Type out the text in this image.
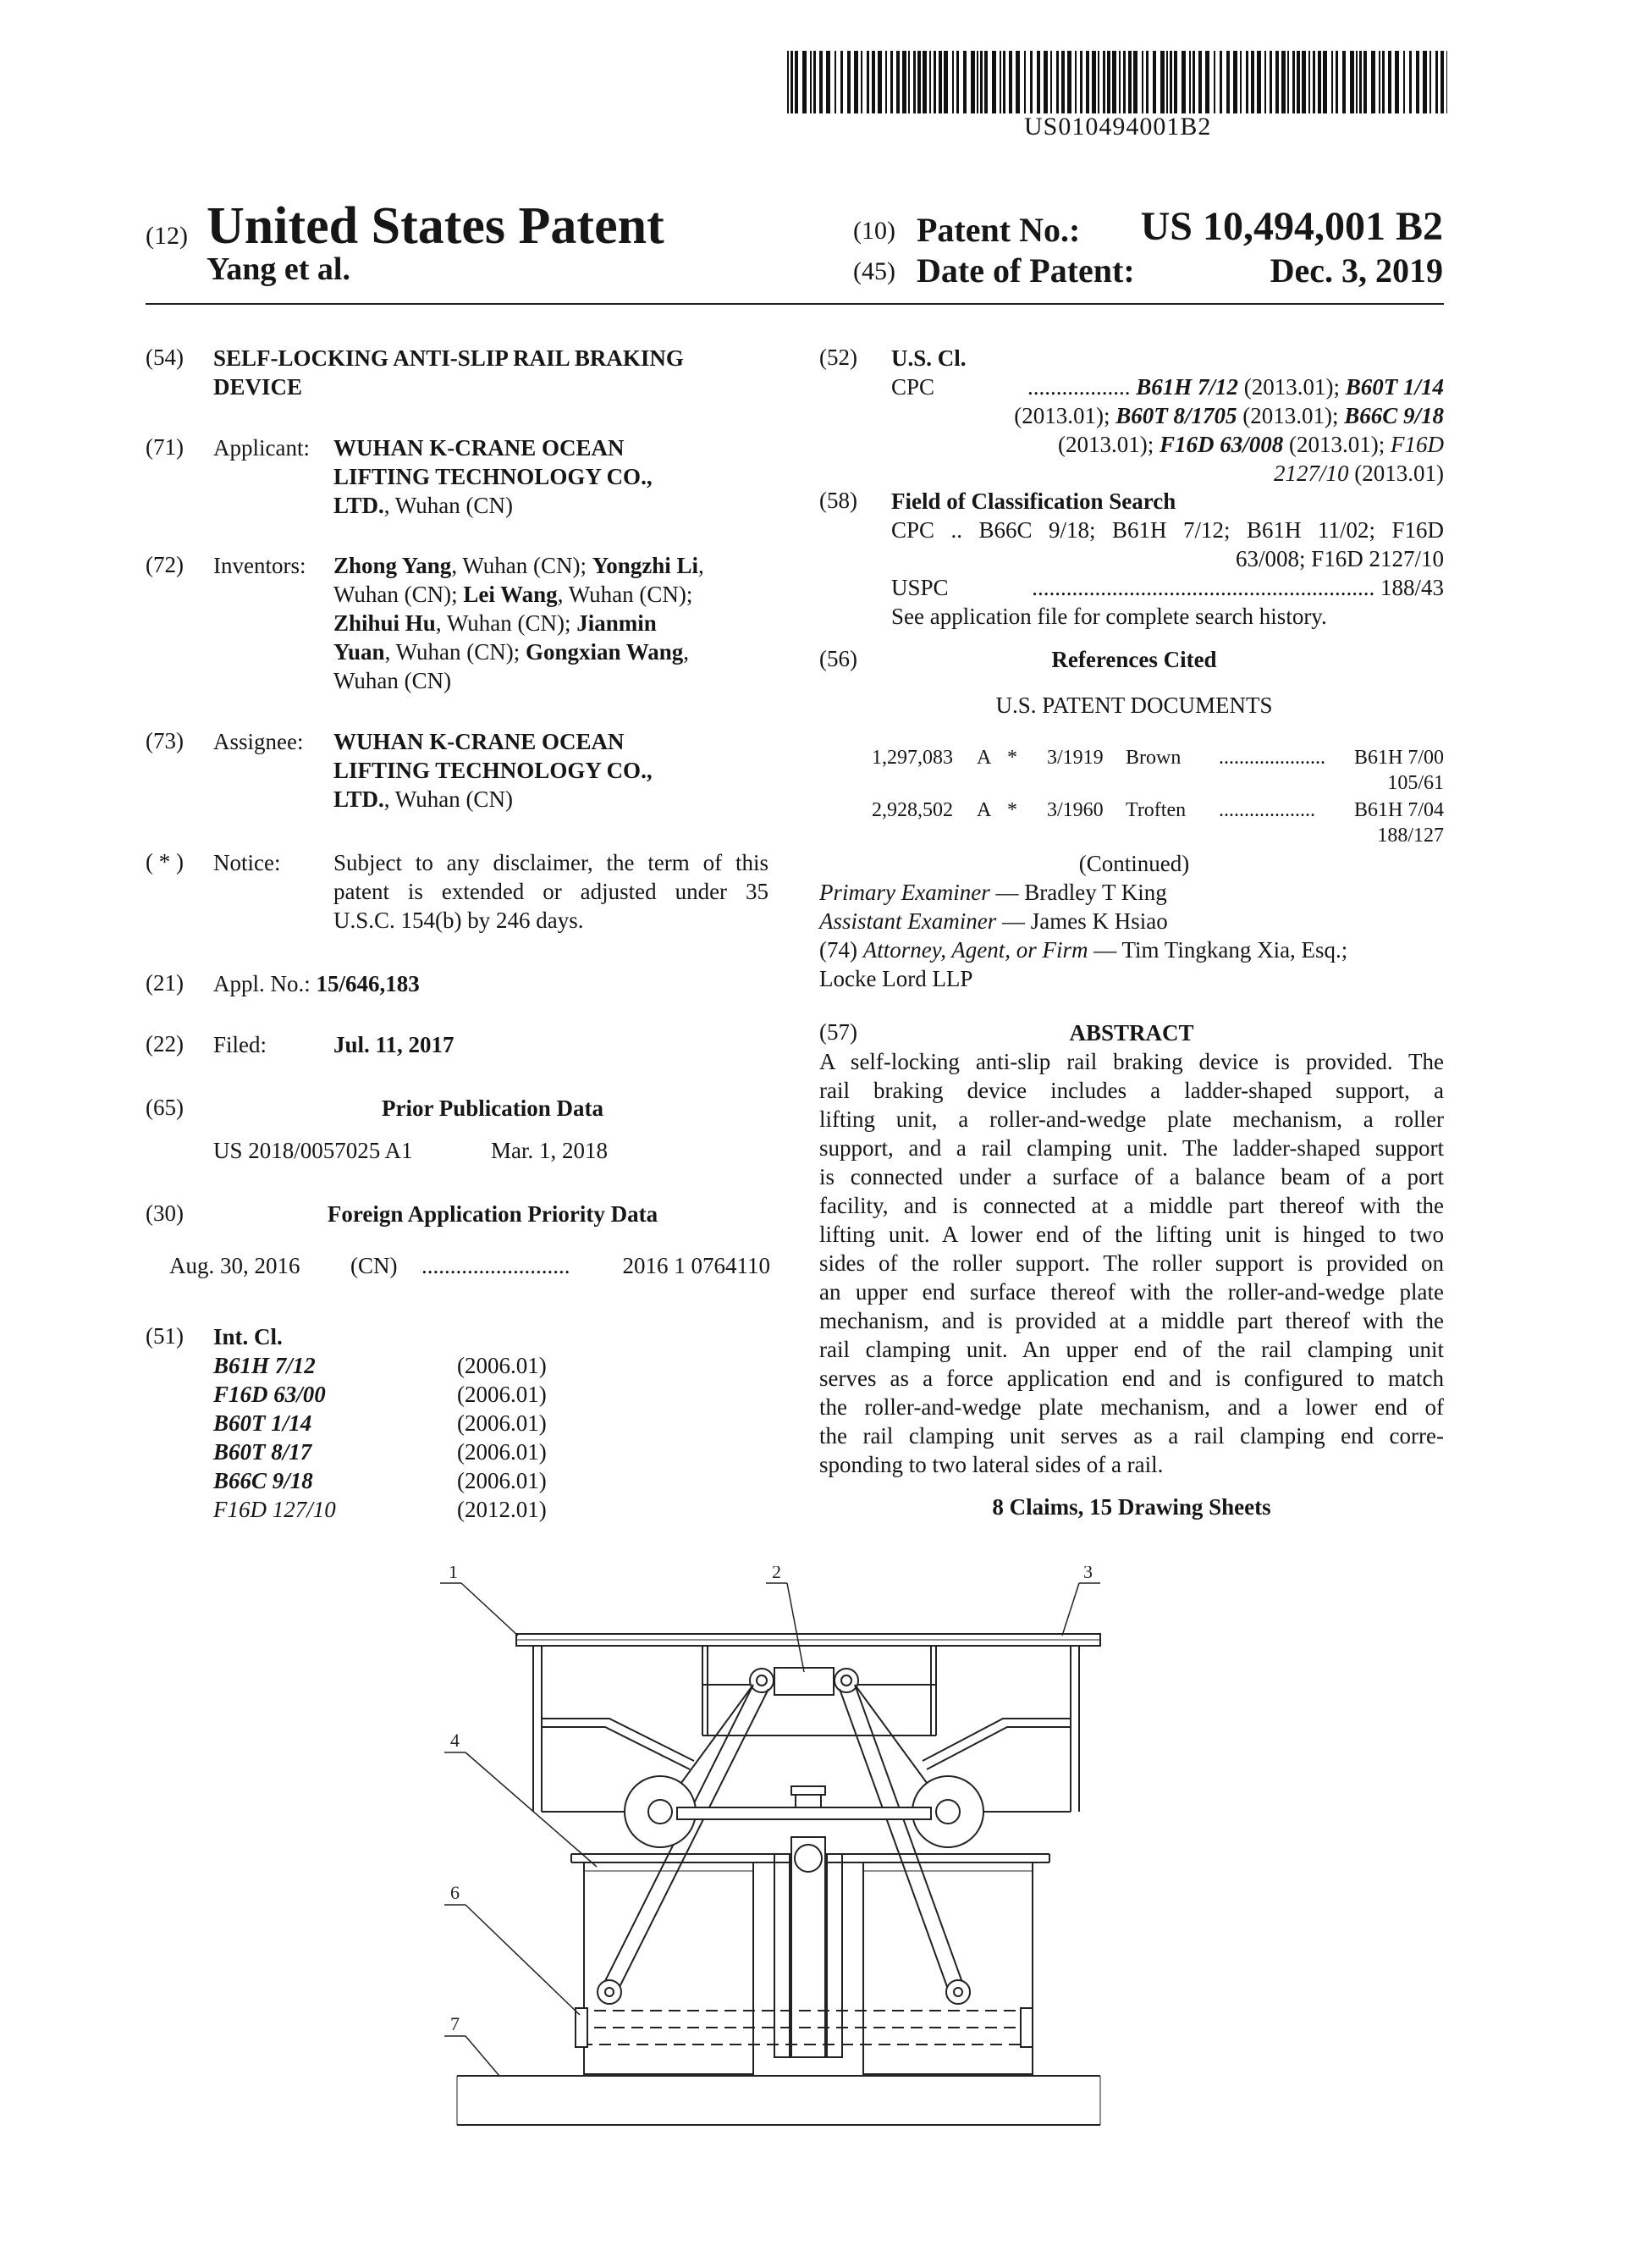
US010494001B2
(12) United States Patent
Yang et al.
(10) Patent No.: US 10,494,001 B2
(45) Date of Patent:	Dec. 3, 2019
(54) SELF-LOCKING ANTI-SLIP RAIL BRAKING
DEVICE
(71) Applicant: WUHAN K-CRANE OCEAN
LIFTING TECHNOLOGY CO.,
LTD., Wuhan (CN)
(72) Inventors: Zhong Yang, Wuhan (CN); Yongzhi Li,
Wuhan (CN); Lei Wang, Wuhan (CN);
Zhihui Hu, Wuhan (CN); Jianmin
Yuan, Wuhan (CN); Gongxian Wang,
Wuhan (CN)
(73) Assignee: WUHAN K-CRANE OCEAN
LIFTING TECHNOLOGY CO.,
LTD., Wuhan (CN)
( * ) Notice: Subject to any disclaimer, the term of this
patent is extended or adjusted under 35
U.S.C. 154(b) by 246 days.
(21) Appl. No.: 15/646,183
(22) Filed:	Jul. 11, 2017
(65)	Prior Publication Data
US 2018/0057025 A1	Mar. 1, 2018
(30)	Foreign Application Priority Data
Aug. 30, 2016 (CN) ..........................	2016 1 0764110
(51) Int. Cl.
B61H 7/12	(2006.01)
F16D 63/00	(2006.01)
B60T 1/14	(2006.01)
B60T 8/17	(2006.01)
B66C 9/18	(2006.01)
F16D 127/10	(2012.01)
(52) U.S. Cl.
CPC	.................. B61H 7/12 (2013.01); B60T 1/14
(2013.01); B60T 8/1705 (2013.01); B66C 9/18
(2013.01); F16D 63/008 (2013.01); F16D
2127/10 (2013.01)
(58) Field of Classification Search
CPC .. B66C 9/18; B61H 7/12; B61H 11/02; F16D
63/008; F16D 2127/10
USPC	............................................................ 188/43
See application file for complete search history.
(56)	References Cited
U.S. PATENT DOCUMENTS
1,297,083 A * 3/1919 Brown ..................... B61H 7/00
105/61
2,928,502 A * 3/1960 Troften ................... B61H 7/04
188/127
(Continued)
Primary Examiner — Bradley T King
Assistant Examiner — James K Hsiao
(74) Attorney, Agent, or Firm — Tim Tingkang Xia, Esq.;
Locke Lord LLP
(57)	ABSTRACT
A self-locking anti-slip rail braking device is provided. The
rail braking device includes a ladder-shaped support, a
lifting unit, a roller-and-wedge plate mechanism, a roller
support, and a rail clamping unit. The ladder-shaped support
is connected under a surface of a balance beam of a port
facility, and is connected at a middle part thereof with the
lifting unit. A lower end of the lifting unit is hinged to two
sides of the roller support. The roller support is provided on
an upper end surface thereof with the roller-and-wedge plate
mechanism, and is provided at a middle part thereof with the
rail clamping unit. An upper end of the rail clamping unit
serves as a force application end and is configured to match
the roller-and-wedge plate mechanism, and a lower end of
the rail clamping unit serves as a rail clamping end corre-
sponding to two lateral sides of a rail.
8 Claims, 15 Drawing Sheets
1	2	3
4
6
7
